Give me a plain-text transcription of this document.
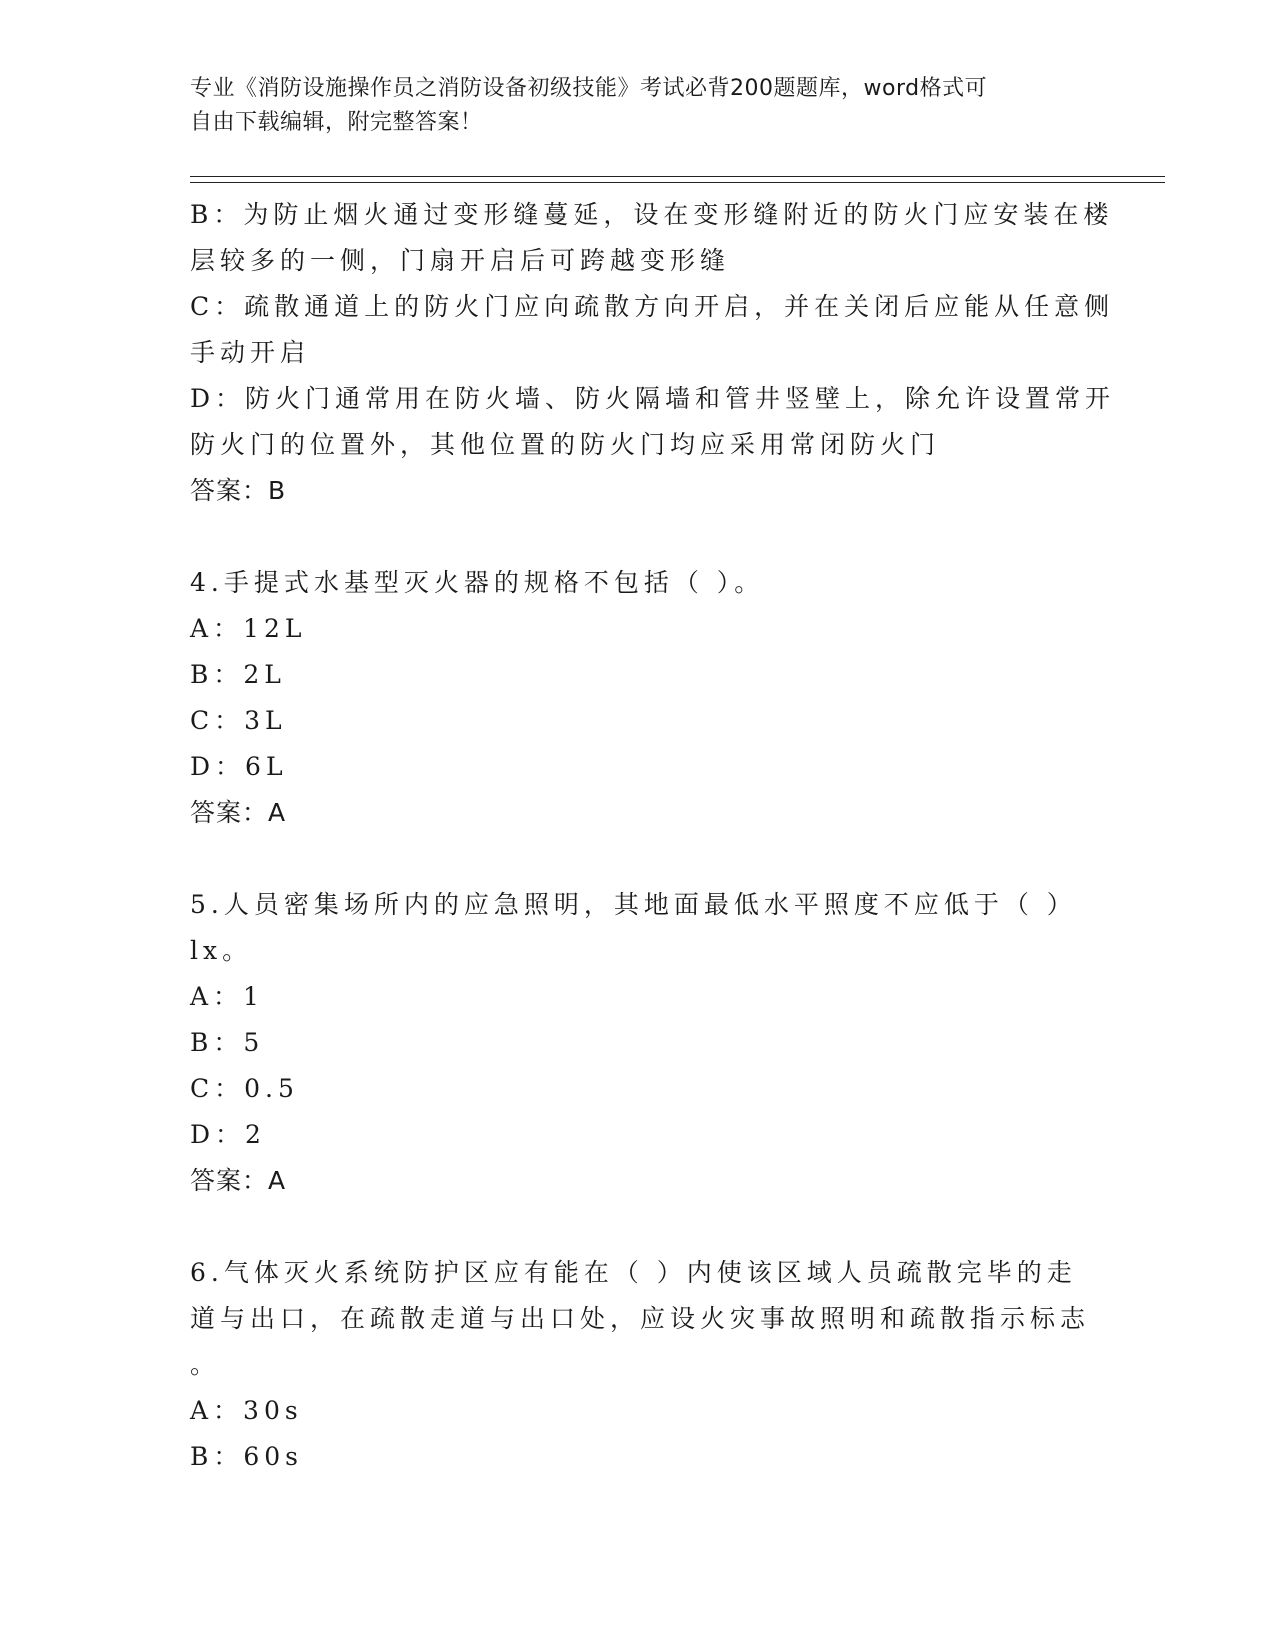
专业《消防设施操作员之消防设备初级技能》考试必背200题题库，word格式可
自由下载编辑，附完整答案！
B：为防止烟火通过变形缝蔓延，设在变形缝附近的防火门应安装在楼
层较多的一侧，门扇开启后可跨越变形缝
C：疏散通道上的防火门应向疏散方向开启，并在关闭后应能从任意侧
手动开启
D：防火门通常用在防火墙、防火隔墙和管井竖壁上，除允许设置常开
防火门的位置外，其他位置的防火门均应采用常闭防火门
答案：B
4.手提式水基型灭火器的规格不包括（ ）。
A：12L
B：2L
C：3L
D：6L
答案：A
5.人员密集场所内的应急照明，其地面最低水平照度不应低于（ ）
lx。
A：1
B：5
C：0.5
D：2
答案：A
6.气体灭火系统防护区应有能在（ ）内使该区域人员疏散完毕的走
道与出口，在疏散走道与出口处，应设火灾事故照明和疏散指示标志
。
A：30s
B：60s
